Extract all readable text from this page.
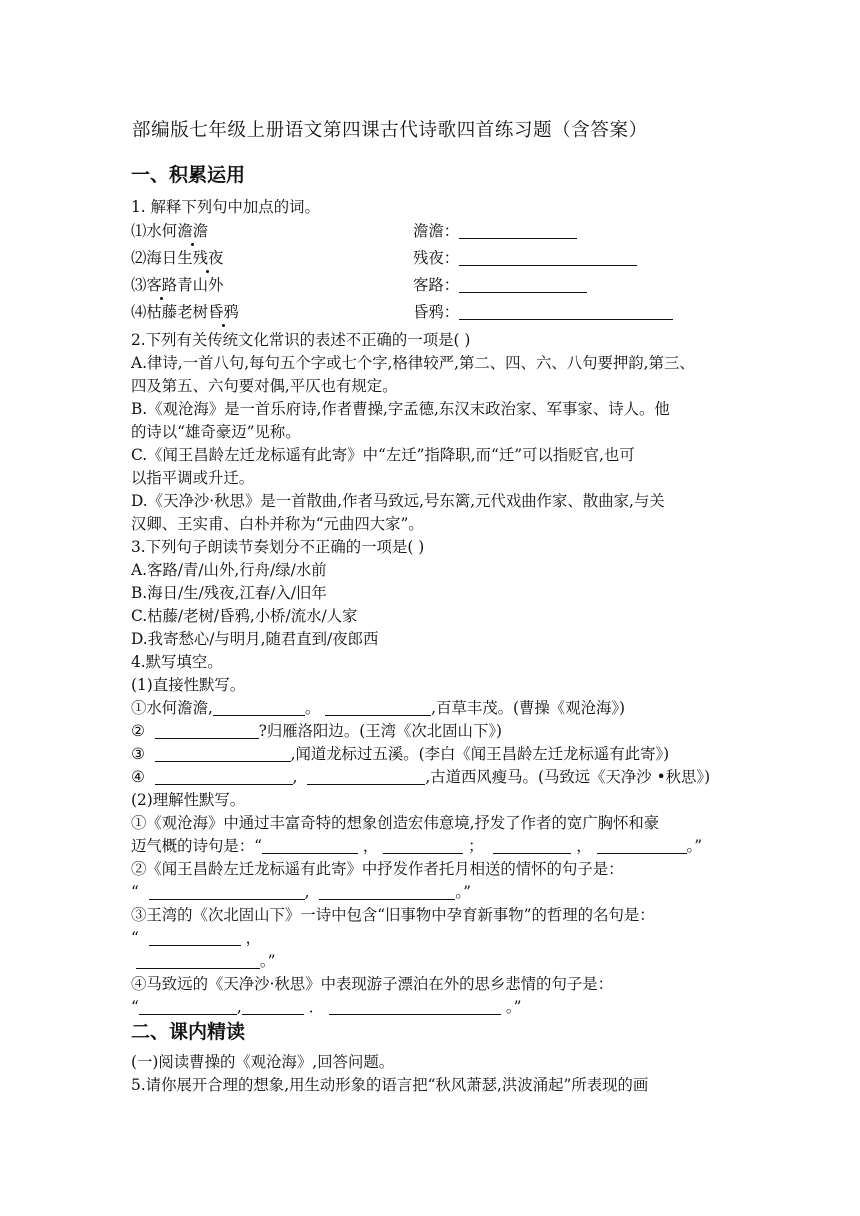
部编版七年级上册语文第四课古代诗歌四首练习题（含答案）
一、积累运用
1. 解释下列句中加点的词。
⑴水何澹澹	澹澹：
⑵海日生残夜	残夜：
⑶客路青山外	客路：
⑷枯藤老树昏鸦	昏鸦：
2.下列有关传统文化常识的表述不正确的一项是( )
A.律诗,一首八句,每句五个字或七个字,格律较严,第二、四、六、八句要押韵,第三、
四及第五、六句要对偶,平仄也有规定。
B.《观沧海》是一首乐府诗,作者曹操,字孟德,东汉末政治家、军事家、诗人。他
的诗以“雄奇豪迈”见称。
C.《闻王昌龄左迁龙标遥有此寄》中“左迁”指降职,而“迁”可以指贬官,也可
以指平调或升迁。
D.《天净沙·秋思》是一首散曲,作者马致远,号东篱,元代戏曲作家、散曲家,与关
汉卿、王实甫、白朴并称为“元曲四大家”。
3.下列句子朗读节奏划分不正确的一项是( )
A.客路/青/山外,行舟/绿/水前
B.海日/生/残夜,江春/入/旧年
C.枯藤/老树/昏鸦,小桥/流水/人家
D.我寄愁心/与明月,随君直到/夜郎西
4.默写填空。
(1)直接性默写。
①水何澹澹,	。	,百草丰茂。(曹操《观沧海》)
②	?归雁洛阳边。(王湾《次北固山下》)
③	,闻道龙标过五溪。(李白《闻王昌龄左迁龙标遥有此寄》)
④	,	,古道西风瘦马。(马致远《天净沙 •秋思》)
(2)理解性默写。
①《观沧海》中通过丰富奇特的想象创造宏伟意境,抒发了作者的宽广胸怀和豪
迈气概的诗句是：“	，	；	，	。”
②《闻王昌龄左迁龙标遥有此寄》中抒发作者托月相送的情怀的句子是：
“	,	。”
③王湾的《次北固山下》一诗中包含“旧事物中孕育新事物”的哲理的名句是：
“	，
。”
④马致远的《天净沙·秋思》中表现游子漂泊在外的思乡悲情的句子是：
“	,	．	。”
二、课内精读
(一)阅读曹操的《观沧海》,回答问题。
5.请你展开合理的想象,用生动形象的语言把“秋风萧瑟,洪波涌起”所表现的画
